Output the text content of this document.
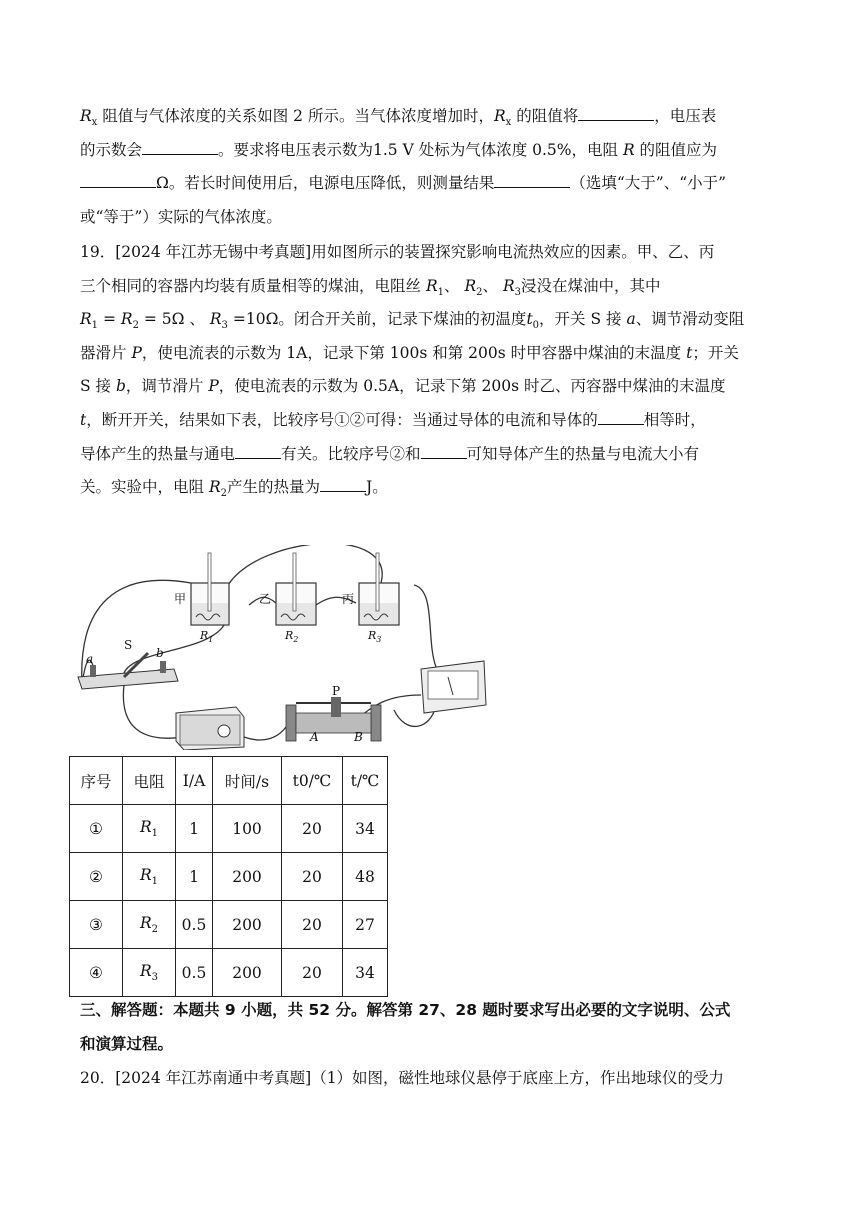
$R_x$ 阻值与气体浓度的关系如图 2 所示。当气体浓度增加时，$R_x$ 的阻值将	，电压表
的示数会	。要求将电压表示数为1.5 V 处标为气体浓度 0.5%，电阻 R 的阻值应为
Ω。若长时间使用后，电源电压降低，则测量结果	（选填“大于”、“小于”
或“等于”）实际的气体浓度。
19．[2024 年江苏无锡中考真题]用如图所示的装置探究影响电流热效应的因素。甲、乙、丙
三个相同的容器内均装有质量相等的煤油，电阻丝 $R_1$、 $R_2$、 $R_3$浸没在煤油中，其中
$R_1 = R_2 = 5\Omega$ 、 $R_3 =10\Omega$。闭合开关前，记录下煤油的初温度$t_0$，开关 S 接 a、调节滑动变阻
器滑片 P，使电流表的示数为 1A，记录下第 100s 和第 200s 时甲容器中煤油的末温度 t；开关
S 接 b，调节滑片 P，使电流表的示数为 0.5A，记录下第 200s 时乙、丙容器中煤油的末温度
t，断开开关，结果如下表，比较序号①②可得：当通过导体的电流和导体的	相等时，
导体产生的热量与通电	有关。比较序号②和	可知导体产生的热量与电流大小有
关。实验中，电阻 $R_2$产生的热量为	J。
甲	乙	丙
S
a	b
P
A	B
$R_1$	$R_2$	$R_3$
序号	电阻	I/A	时间/s	t0/℃	t/℃
①	$R_1$	1	100	20	34
②	$R_1$	1	200	20	48
③	$R_2$	0.5	200	20	27
④	$R_3$	0.5	200	20	34
三、解答题：本题共 9 小题，共 52 分。解答第 27、28 题时要求写出必要的文字说明、公式
和演算过程。
20．[2024 年江苏南通中考真题]（1）如图，磁性地球仪悬停于底座上方，作出地球仪的受力
